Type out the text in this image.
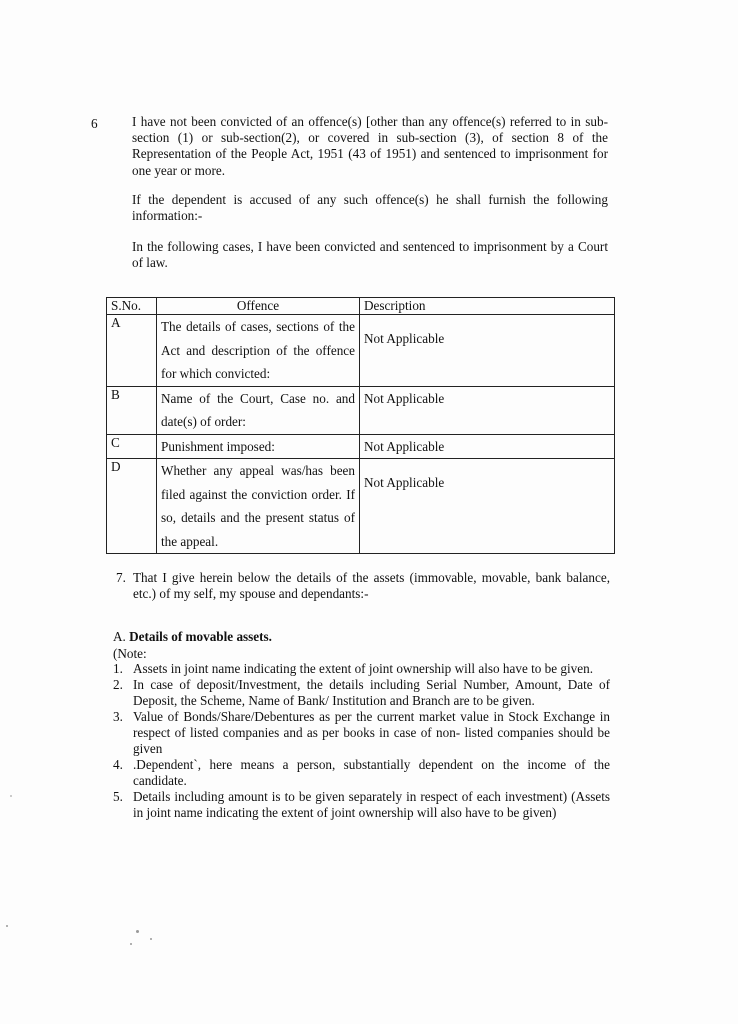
6	I have not been convicted of an offence(s) [other than any offence(s) referred to in sub-section (1) or sub-section(2), or covered in sub-section (3), of section 8 of the Representation of the People Act, 1951 (43 of 1951) and sentenced to imprisonment for one year or more.
If the dependent is accused of any such offence(s) he shall furnish the following information:-
In the following cases, I have been convicted and sentenced to imprisonment by a Court of law.
S.No.	Offence	Description
A	The details of cases, sections of the Act and description of the offence for which convicted:	Not Applicable
B	Name of the Court, Case no. and date(s) of order:	Not Applicable
C	Punishment imposed:	Not Applicable
D	Whether any appeal was/has been filed against the conviction order. If so, details and the present status of the appeal.	Not Applicable
7. That I give herein below the details of the assets (immovable, movable, bank balance, etc.) of my self, my spouse and dependants:-
A. Details of movable assets.
(Note:
1. Assets in joint name indicating the extent of joint ownership will also have to be given.
2. In case of deposit/Investment, the details including Serial Number, Amount, Date of Deposit, the Scheme, Name of Bank/ Institution and Branch are to be given.
3. Value of Bonds/Share/Debentures as per the current market value in Stock Exchange in respect of listed companies and as per books in case of non- listed companies should be given
4. .Dependent`, here means a person, substantially dependent on the income of the candidate.
5. Details including amount is to be given separately in respect of each investment) (Assets in joint name indicating the extent of joint ownership will also have to be given)
